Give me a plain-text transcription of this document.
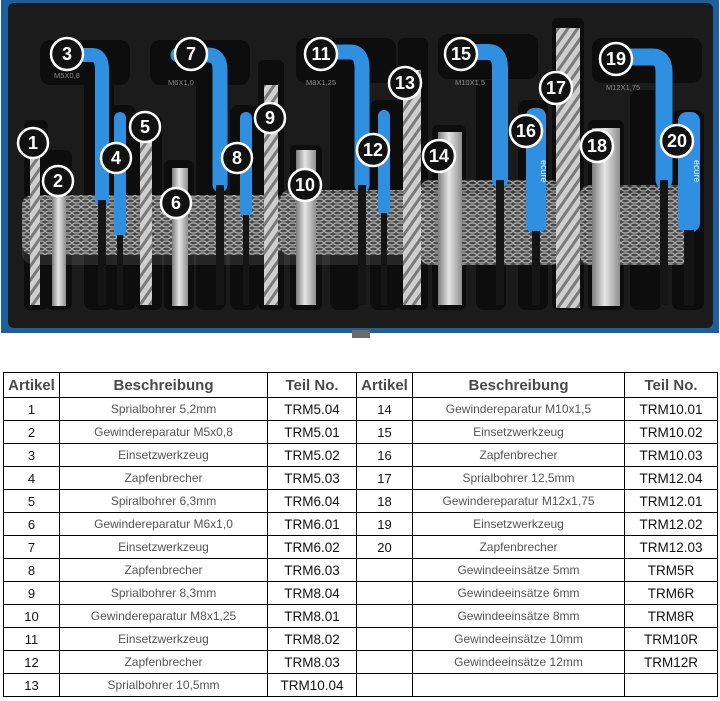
M5X0,8
M6X1,0	M8X1,25	M10X1,5
M12X1,75
ecure	ecure
1
2
3
4
5
6
7
8
9
10
11
12
13
14
15
16
17
18
19
20
Artikel	Beschreibung	Teil No.	Artikel	Beschreibung	Teil No.
1	Sprialbohrer 5,2mm	TRM5.04	14	Gewindereparatur M10x1,5	TRM10.01
2	Gewindereparatur M5x0,8	TRM5.01	15	Einsetzwerkzeug	TRM10.02
3	Einsetzwerkzeug	TRM5.02	16	Zapfenbrecher	TRM10.03
4	Zapfenbrecher	TRM5.03	17	Sprialbohrer 12,5mm	TRM12.04
5	Spiralbohrer 6,3mm	TRM6.04	18	Gewindereparatur M12x1,75	TRM12.01
6	Gewindereparatur M6x1,0	TRM6.01	19	Einsetzwerkzeug	TRM12.02
7	Einsetzwerkzeug	TRM6.02	20	Zapfenbrecher	TRM12.03
8	Zapfenbrecher	TRM6.03		Gewindeeinsätze 5mm	TRM5R
9	Sprialbohrer 8,3mm	TRM8.04		Gewindeeinsätze 6mm	TRM6R
10	Gewindereparatur M8x1,25	TRM8.01		Gewindeeinsätze 8mm	TRM8R
11	Einsetzwerkzeug	TRM8.02		Gewindeeinsätze 10mm	TRM10R
12	Zapfenbrecher	TRM8.03		Gewindeeinsätze 12mm	TRM12R
13	Sprialbohrer 10,5mm	TRM10.04			
